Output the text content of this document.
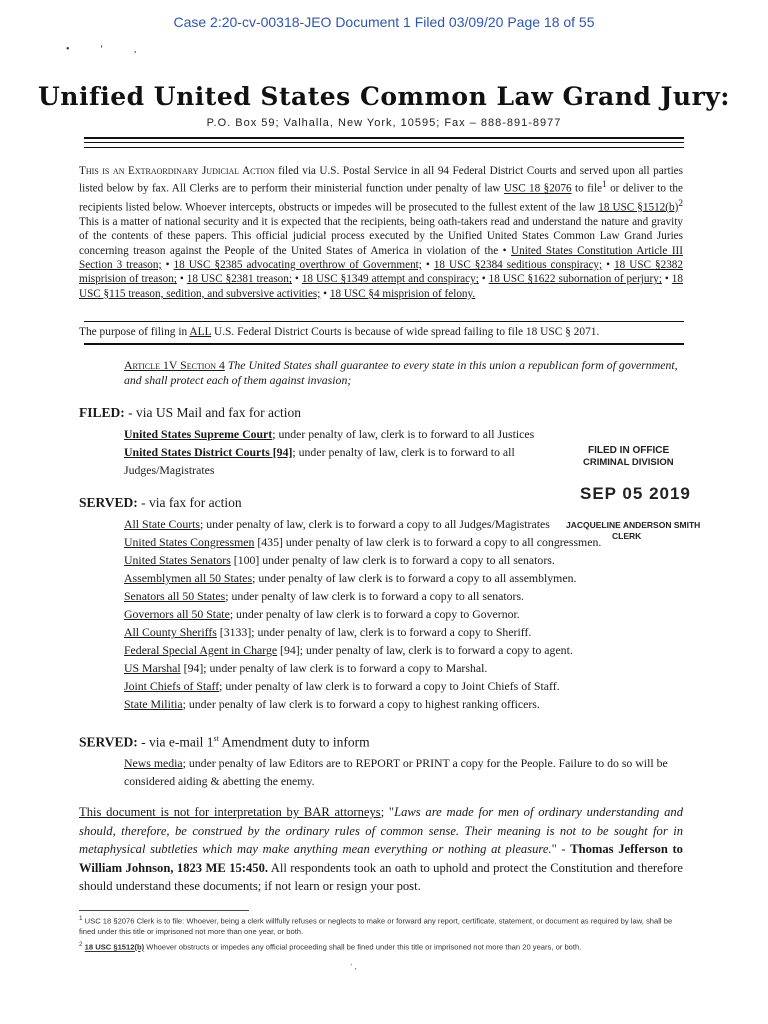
Case 2:20-cv-00318-JEO Document 1 Filed 03/09/20 Page 18 of 55
• ‘ ,
Unified United States Common Law Grand Jury:
P.O. Box 59; Valhalla, New York, 10595; Fax – 888-891-8977
This is an Extraordinary Judicial Action filed via U.S. Postal Service in all 94 Federal District Courts and served upon all parties listed below by fax. All Clerks are to perform their ministerial function under penalty of law USC 18 §2076 to file$^1$ or deliver to the recipients listed below. Whoever intercepts, obstructs or impedes will be prosecuted to the fullest extent of the law 18 USC $\S 1512(b)^2$ This is a matter of national security and it is expected that the recipients, being oath-takers read and understand the nature and gravity of the contents of these papers. This official judicial process executed by the Unified United States Common Law Grand Juries concerning treason against the People of the United States of America in violation of the • United States Constitution Article III Section 3 treason; • 18 USC §2385 advocating overthrow of Government; • 18 USC §2384 seditious conspiracy; • 18 USC §2382 misprision of treason; • 18 USC §2381 treason; • 18 USC §1349 attempt and conspiracy; • 18 USC §1622 subornation of perjury; • 18 USC §115 treason, sedition, and subversive activities; • 18 USC §4 misprision of felony.
The purpose of filing in ALL U.S. Federal District Courts is because of wide spread failing to file 18 USC § 2071.
Article 1V Section 4 The United States shall guarantee to every state in this union a republican form of government, and shall protect each of them against invasion;
FILED: - via US Mail and fax for action
United States Supreme Court; under penalty of law, clerk is to forward to all Justices
United States District Courts [94]; under penalty of law, clerk is to forward to all
Judges/Magistrates
FILED IN OFFICE
CRIMINAL DIVISION
SEP 05 2019
JACQUELINE ANDERSON SMITH
CLERK
SERVED: - via fax for action
All State Courts; under penalty of law, clerk is to forward a copy to all Judges/Magistrates
United States Congressmen [435] under penalty of law clerk is to forward a copy to all congressmen.
United States Senators [100] under penalty of law clerk is to forward a copy to all senators.
Assemblymen all 50 States; under penalty of law clerk is to forward a copy to all assemblymen.
Senators all 50 States; under penalty of law clerk is to forward a copy to all senators.
Governors all 50 State; under penalty of law clerk is to forward a copy to Governor.
All County Sheriffs [3133]; under penalty of law, clerk is to forward a copy to Sheriff.
Federal Special Agent in Charge [94]; under penalty of law, clerk is to forward a copy to agent.
US Marshal [94]; under penalty of law clerk is to forward a copy to Marshal.
Joint Chiefs of Staff; under penalty of law clerk is to forward a copy to Joint Chiefs of Staff.
State Militia; under penalty of law clerk is to forward a copy to highest ranking officers.
SERVED: - via e-mail 1st Amendment duty to inform
News media; under penalty of law Editors are to REPORT or PRINT a copy for the People. Failure to do so will be considered aiding & abetting the enemy.
This document is not for interpretation by BAR attorneys; "Laws are made for men of ordinary understanding and should, therefore, be construed by the ordinary rules of common sense. Their meaning is not to be sought for in metaphysical subtleties which may make anything mean everything or nothing at pleasure." - Thomas Jefferson to William Johnson, 1823 ME 15:450. All respondents took an oath to uphold and protect the Constitution and therefore should understand these documents; if not learn or resign your post.
$^1$ USC 18 §2076 Clerk is to file: Whoever, being a clerk willfully refuses or neglects to make or forward any report, certificate, statement, or document as required by law, shall be fined under this title or imprisoned not more than one year, or both.
$^2$ 18 USC §1512(b) Whoever obstructs or impedes any official proceeding shall be fined under this title or imprisoned not more than 20 years, or both.
‘ ,
